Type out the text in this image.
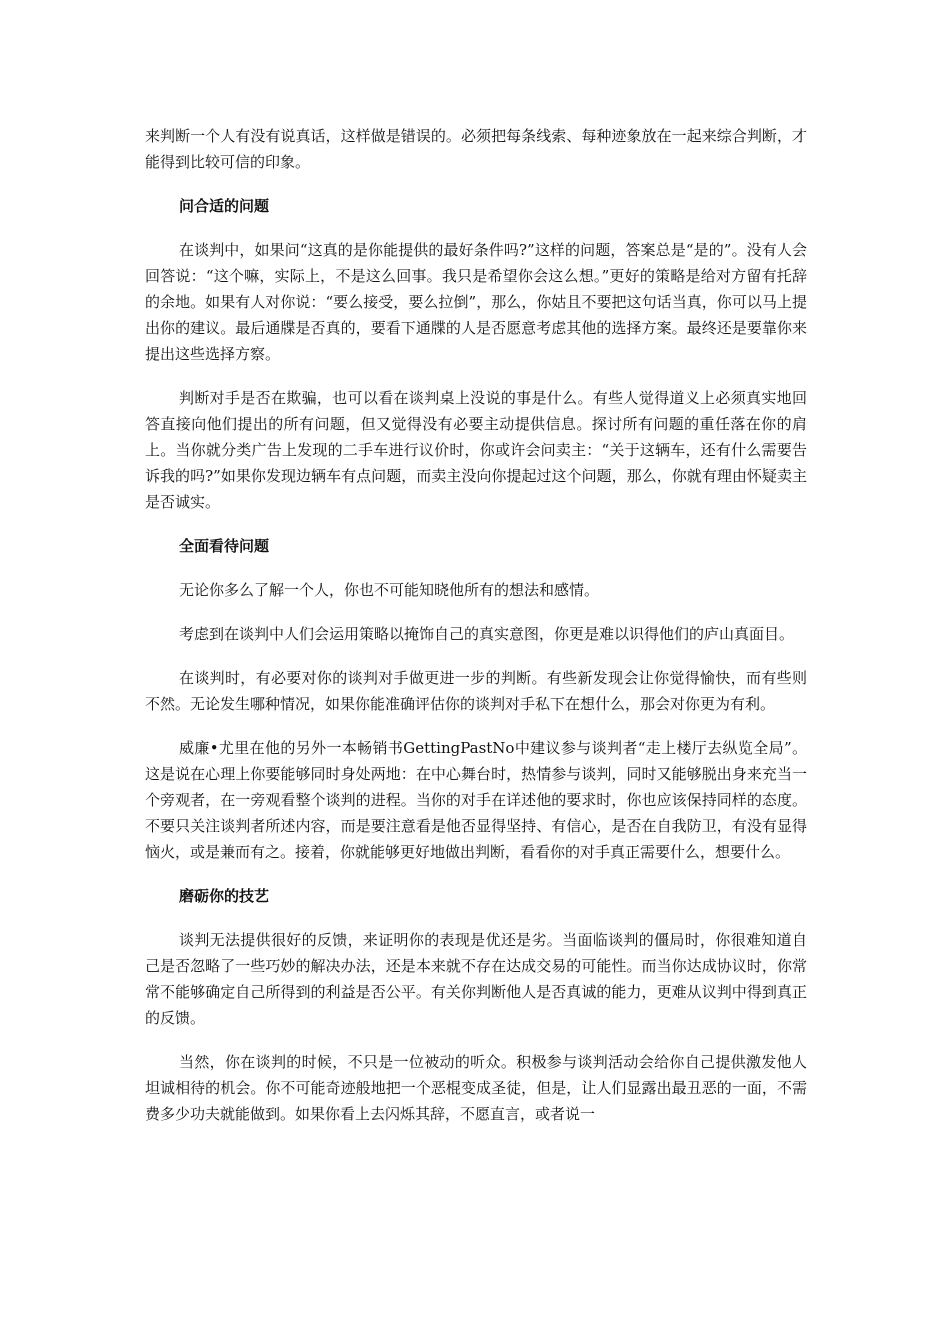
来判断一个人有没有说真话，这样做是错误的。必须把每条线索、每种迹象放在一起来综合判断，才能得到比较可信的印象。

问合适的问题

在谈判中，如果问“这真的是你能提供的最好条件吗?”这样的问题，答案总是“是的”。没有人会回答说：“这个嘛，实际上，不是这么回事。我只是希望你会这么想。”更好的策略是给对方留有托辞的余地。如果有人对你说：“要么接受，要么拉倒”，那么，你姑且不要把这句话当真，你可以马上提出你的建议。最后通牒是否真的，要看下通牒的人是否愿意考虑其他的选择方案。最终还是要靠你来提出这些选择方察。

判断对手是否在欺骗，也可以看在谈判桌上没说的事是什么。有些人觉得道义上必须真实地回答直接向他们提出的所有问题，但又觉得没有必要主动提供信息。探讨所有问题的重任落在你的肩上。当你就分类广告上发现的二手车进行议价时，你或许会问卖主：“关于这辆车，还有什么需要告诉我的吗?”如果你发现边辆车有点问题，而卖主没向你提起过这个问题，那么，你就有理由怀疑卖主是否诚实。

全面看待问题

无论你多么了解一个人，你也不可能知晓他所有的想法和感情。

考虑到在谈判中人们会运用策略以掩饰自己的真实意图，你更是难以识得他们的庐山真面目。

在谈判时，有必要对你的谈判对手做更进一步的判断。有些新发现会让你觉得愉快，而有些则不然。无论发生哪种情况，如果你能准确评估你的谈判对手私下在想什么，那会对你更为有利。

威廉•尤里在他的另外一本畅销书GettingPastNo中建议参与谈判者“走上楼厅去纵览全局”。这是说在心理上你要能够同时身处两地：在中心舞台时，热情参与谈判，同时又能够脱出身来充当一个旁观者，在一旁观看整个谈判的进程。当你的对手在详述他的要求时，你也应该保持同样的态度。不要只关注谈判者所述内容，而是要注意看是他否显得坚持、有信心，是否在自我防卫，有没有显得恼火，或是兼而有之。接着，你就能够更好地做出判断，看看你的对手真正需要什么，想要什么。

磨砺你的技艺

谈判无法提供很好的反馈，来证明你的表现是优还是劣。当面临谈判的僵局时，你很难知道自己是否忽略了一些巧妙的解决办法，还是本来就不存在达成交易的可能性。而当你达成协议时，你常常不能够确定自己所得到的利益是否公平。有关你判断他人是否真诚的能力，更难从议判中得到真正的反馈。

当然，你在谈判的时候，不只是一位被动的听众。积极参与谈判活动会给你自己提供激发他人坦诚相待的机会。你不可能奇迹般地把一个恶棍变成圣徒，但是，让人们显露出最丑恶的一面，不需费多少功夫就能做到。如果你看上去闪烁其辞，不愿直言，或者说一
